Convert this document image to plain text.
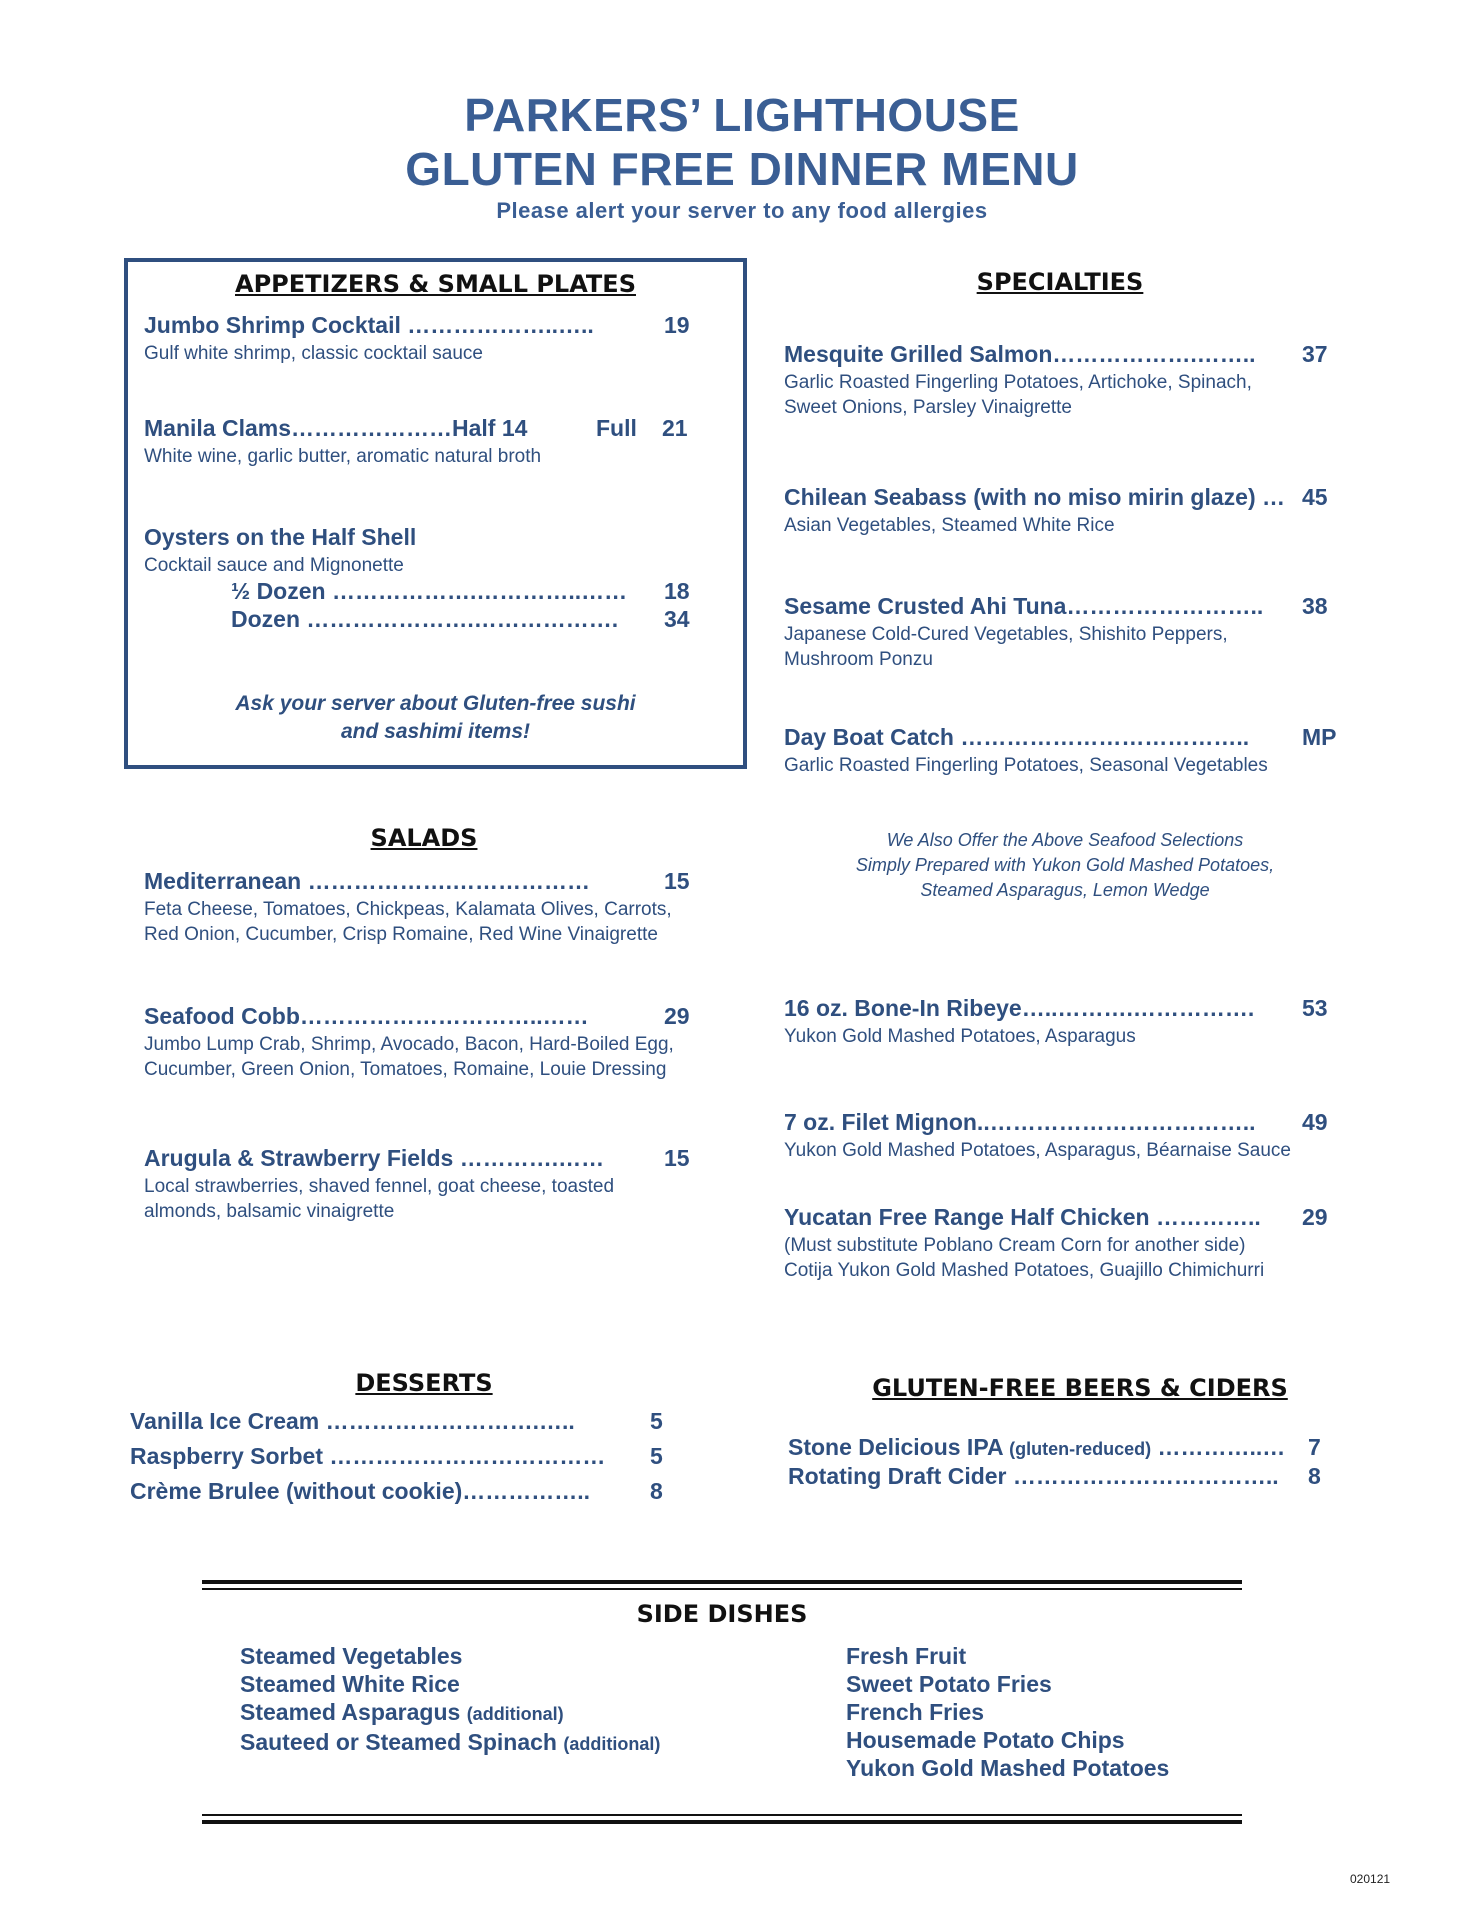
PARKERS’ LIGHTHOUSE
GLUTEN FREE DINNER MENU
Please alert your server to any food allergies
APPETIZERS & SMALL PLATES
Jumbo Shrimp Cocktail ………………..…..	19
Gulf white shrimp, classic cocktail sauce
Manila Clams…………………Half 14	Full 21
White wine, garlic butter, aromatic natural broth
Oysters on the Half Shell
Cocktail sauce and Mignonette
½ Dozen ……………….…………..…… 18
Dozen ………………….………………. 34
Ask your server about Gluten-free sushi
and sashimi items!
SALADS
Mediterranean ……………….………………	15
Feta Cheese, Tomatoes, Chickpeas, Kalamata Olives, Carrots,
Red Onion, Cucumber, Crisp Romaine, Red Wine Vinaigrette
Seafood Cobb…………………………..……	29
Jumbo Lump Crab, Shrimp, Avocado, Bacon, Hard-Boiled Egg,
Cucumber, Green Onion, Tomatoes, Romaine, Louie Dressing
Arugula & Strawberry Fields ………….……	15
Local strawberries, shaved fennel, goat cheese, toasted
almonds, balsamic vinaigrette
SPECIALTIES
Mesquite Grilled Salmon……………….…….. 37
Garlic Roasted Fingerling Potatoes, Artichoke, Spinach,
Sweet Onions, Parsley Vinaigrette
Chilean Seabass (with no miso mirin glaze) … 45
Asian Vegetables, Steamed White Rice
Sesame Crusted Ahi Tuna…………………….. 38
Japanese Cold-Cured Vegetables, Shishito Peppers,
Mushroom Ponzu
Day Boat Catch ……………………………….. MP
Garlic Roasted Fingerling Potatoes, Seasonal Vegetables
We Also Offer the Above Seafood Selections
Simply Prepared with Yukon Gold Mashed Potatoes,
Steamed Asparagus, Lemon Wedge
16 oz. Bone-In Ribeye…..……….……………. 53
Yukon Gold Mashed Potatoes, Asparagus
7 oz. Filet Mignon..…………………………….. 49
Yukon Gold Mashed Potatoes, Asparagus, Béarnaise Sauce
Yucatan Free Range Half Chicken ………….. 29
(Must substitute Poblano Cream Corn for another side)
Cotija Yukon Gold Mashed Potatoes, Guajillo Chimichurri
DESSERTS
Vanilla Ice Cream ……………………….…..	5
Raspberry Sorbet ……………………………… 5
Crème Brulee (without cookie)……………..	8
GLUTEN-FREE BEERS & CIDERS
Stone Delicious IPA (gluten-reduced) …………..… 7
Rotating Draft Cider …………………………….. 8
SIDE DISHES
Steamed Vegetables
Steamed White Rice
Steamed Asparagus (additional)
Sauteed or Steamed Spinach (additional)
Fresh Fruit
Sweet Potato Fries
French Fries
Housemade Potato Chips
Yukon Gold Mashed Potatoes
020121
